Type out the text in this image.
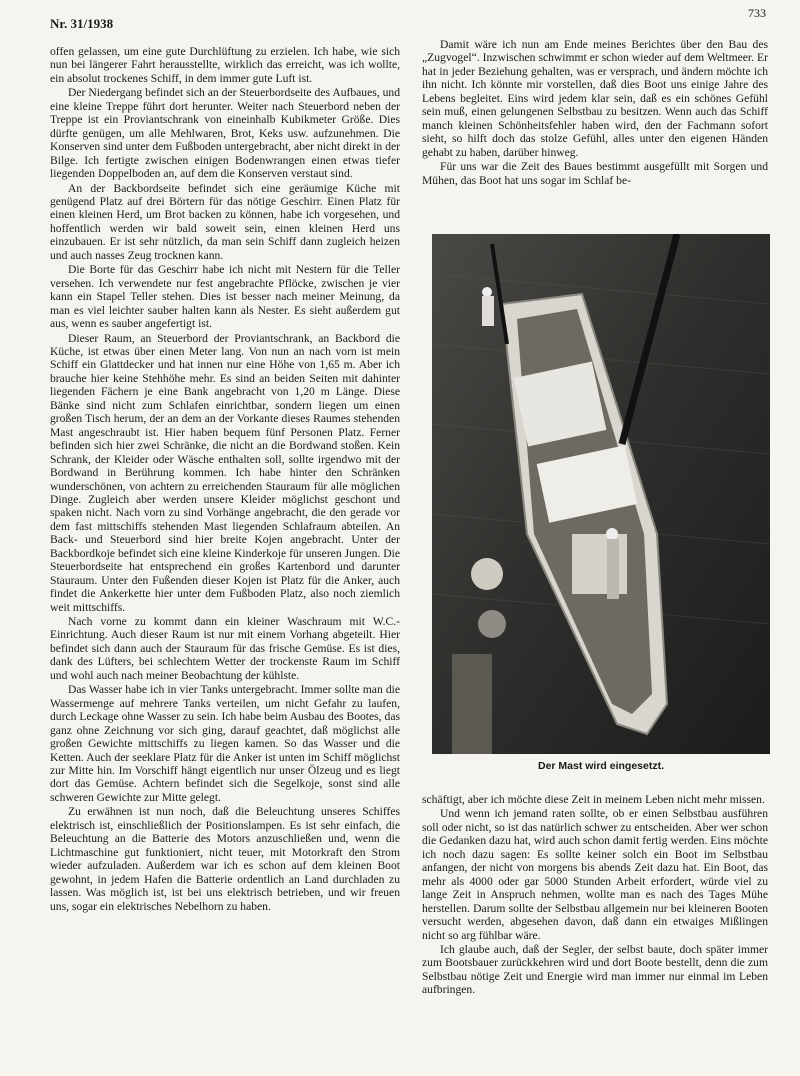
Nr. 31/1938
733

offen gelassen, um eine gute Durchlüftung zu erzielen. Ich habe, wie sich nun bei längerer Fahrt herausstellte, wirklich das erreicht, was ich wollte, ein absolut trockenes Schiff, in dem immer gute Luft ist.

Der Niedergang befindet sich an der Steuerbordseite des Aufbaues, und eine kleine Treppe führt dort herunter. Weiter nach Steuerbord neben der Treppe ist ein Proviantschrank von eineinhalb Kubikmeter Größe. Dies dürfte genügen, um alle Mehlwaren, Brot, Keks usw. aufzunehmen. Die Konserven sind unter dem Fußboden untergebracht, aber nicht direkt in der Bilge. Ich fertigte zwischen einigen Bodenwrangen einen etwas tiefer liegenden Doppelboden an, auf dem die Konserven verstaut sind.

An der Backbordseite befindet sich eine geräumige Küche mit genügend Platz auf drei Börtern für das nötige Geschirr. Einen Platz für einen kleinen Herd, um Brot backen zu können, habe ich vorgesehen, und hoffentlich werden wir bald soweit sein, einen kleinen Herd uns einzubauen. Er ist sehr nützlich, da man sein Schiff dann zugleich heizen und auch nasses Zeug trocknen kann.

Die Borte für das Geschirr habe ich nicht mit Nestern für die Teller versehen. Ich verwendete nur fest angebrachte Pflöcke, zwischen je vier kann ein Stapel Teller stehen. Dies ist besser nach meiner Meinung, da man es viel leichter sauber halten kann als Nester. Es sieht außerdem gut aus, wenn es sauber angefertigt ist.

Dieser Raum, an Steuerbord der Proviantschrank, an Backbord die Küche, ist etwas über einen Meter lang. Von nun an nach vorn ist mein Schiff ein Glattdecker und hat innen nur eine Höhe von 1,65 m. Aber ich brauche hier keine Stehhöhe mehr. Es sind an beiden Seiten mit dahinter liegenden Fächern je eine Bank angebracht von 1,20 m Länge. Diese Bänke sind nicht zum Schlafen einrichtbar, sondern liegen um einen großen Tisch herum, der an dem an der Vorkante dieses Raumes stehenden Mast angeschraubt ist. Hier haben bequem fünf Personen Platz. Ferner befinden sich hier zwei Schränke, die nicht an die Bordwand stoßen. Kein Schrank, der Kleider oder Wäsche enthalten soll, sollte irgendwo mit der Bordwand in Berührung kommen. Ich habe hinter den Schränken wunderschönen, von achtern zu erreichenden Stauraum für alle möglichen Dinge. Zugleich aber werden unsere Kleider möglichst geschont und spaken nicht. Nach vorn zu sind Vorhänge angebracht, die den gerade vor dem fast mittschiffs stehenden Mast liegenden Schlafraum abteilen. An Back- und Steuerbord sind hier breite Kojen angebracht. Unter der Backbordkoje befindet sich eine kleine Kinderkoje für unseren Jungen. Die Steuerbordseite hat entsprechend ein großes Kartenbord und darunter Stauraum. Unter den Fußenden dieser Kojen ist Platz für die Anker, auch findet die Ankerkette hier unter dem Fußboden Platz, also noch ziemlich weit mittschiffs.

Nach vorne zu kommt dann ein kleiner Waschraum mit W.C.-Einrichtung. Auch dieser Raum ist nur mit einem Vorhang abgeteilt. Hier befindet sich dann auch der Stauraum für das frische Gemüse. Es ist dies, dank des Lüfters, bei schlechtem Wetter der trockenste Raum im Schiff und wohl auch nach meiner Beobachtung der kühlste.

Das Wasser habe ich in vier Tanks untergebracht. Immer sollte man die Wassermenge auf mehrere Tanks verteilen, um nicht Gefahr zu laufen, durch Leckage ohne Wasser zu sein. Ich habe beim Ausbau des Bootes, das ganz ohne Zeichnung vor sich ging, darauf geachtet, daß möglichst alle großen Gewichte mittschiffs zu liegen kamen. So das Wasser und die Ketten. Auch der seeklare Platz für die Anker ist unten im Schiff möglichst zur Mitte hin. Im Vorschiff hängt eigentlich nur unser Ölzeug und es liegt dort das Gemüse. Achtern befindet sich die Segelkoje, sonst sind alle schweren Gewichte zur Mitte gelegt.

Zu erwähnen ist nun noch, daß die Beleuchtung unseres Schiffes elektrisch ist, einschließlich der Positionslampen. Es ist sehr einfach, die Beleuchtung an die Batterie des Motors anzuschließen und, wenn die Lichtmaschine gut funktioniert, nicht teuer, mit Motorkraft den Strom wieder aufzuladen. Außerdem war ich es schon auf dem kleinen Boot gewohnt, in jedem Hafen die Batterie ordentlich an Land durchladen zu lassen. Was möglich ist, ist bei uns elektrisch betrieben, und wir freuen uns, sogar ein elektrisches Nebelhorn zu haben.

Damit wäre ich nun am Ende meines Berichtes über den Bau des „Zugvogel“. Inzwischen schwimmt er schon wieder auf dem Weltmeer. Er hat in jeder Beziehung gehalten, was er versprach, und ändern möchte ich ihn nicht. Ich könnte mir vorstellen, daß dies Boot uns einige Jahre des Lebens begleitet. Eins wird jedem klar sein, daß es ein schönes Gefühl sein muß, einen gelungenen Selbstbau zu besitzen. Wenn auch das Schiff manch kleinen Schönheitsfehler haben wird, den der Fachmann sofort sieht, so hilft doch das stolze Gefühl, alles unter den eigenen Händen gehabt zu haben, darüber hinweg.

Für uns war die Zeit des Baues bestimmt ausgefüllt mit Sorgen und Mühen, das Boot hat uns sogar im Schlaf be-

Der Mast wird eingesetzt.

schäftigt, aber ich möchte diese Zeit in meinem Leben nicht mehr missen.

Und wenn ich jemand raten sollte, ob er einen Selbstbau ausführen soll oder nicht, so ist das natürlich schwer zu entscheiden. Aber wer schon die Gedanken dazu hat, wird auch schon damit fertig werden. Eins möchte ich noch dazu sagen: Es sollte keiner solch ein Boot im Selbstbau anfangen, der nicht von morgens bis abends Zeit dazu hat. Ein Boot, das mehr als 4000 oder gar 5000 Stunden Arbeit erfordert, würde viel zu lange Zeit in Anspruch nehmen, wollte man es nach des Tages Mühe herstellen. Darum sollte der Selbstbau allgemein nur bei kleineren Booten versucht werden, abgesehen davon, daß dann ein etwaiges Mißlingen nicht so arg fühlbar wäre.

Ich glaube auch, daß der Segler, der selbst baute, doch später immer zum Bootsbauer zurückkehren wird und dort Boote bestellt, denn die zum Selbstbau nötige Zeit und Energie wird man immer nur einmal im Leben aufbringen.
